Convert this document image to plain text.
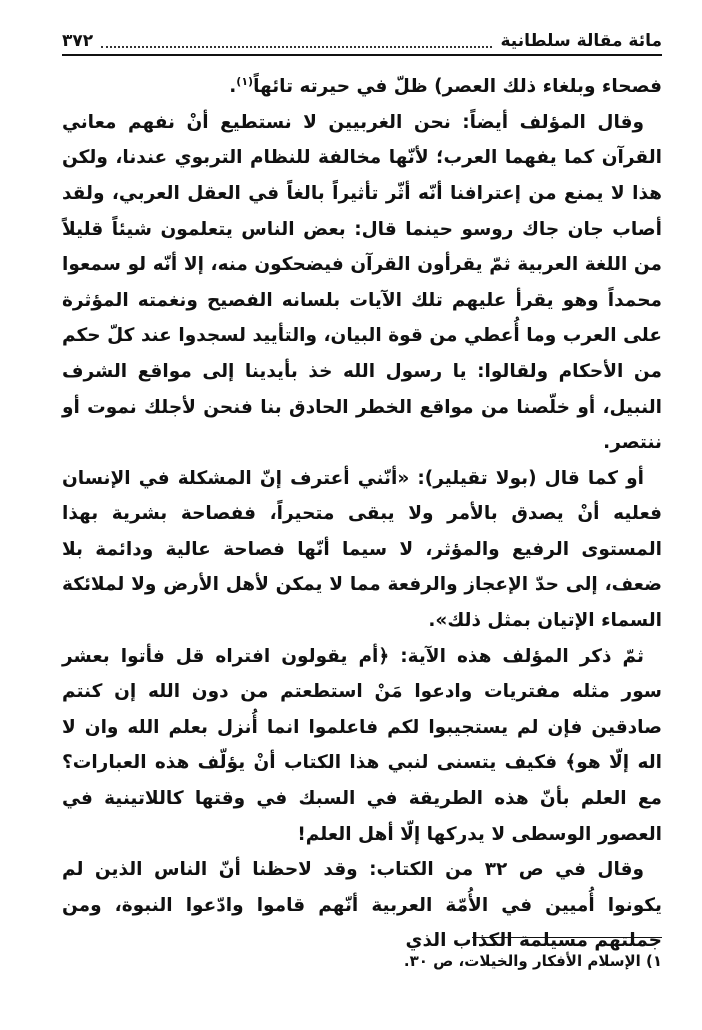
مائة مقالة سلطانية
٣٧٢

فصحاء وبلغاء ذلك العصر) ظلّ في حيرته تائهاً$^{(١)}$.

وقال المؤلف أيضاً: نحن الغربيين لا نستطيع أنْ نفهم معاني القرآن كما يفهما العرب؛ لأنّها مخالفة للنظام التربوي عندنا، ولكن هذا لا يمنع من إعترافنا أنّه أثّر تأثيراً بالغاً في العقل العربي، ولقد أصاب جان جاك روسو حينما قال: بعض الناس يتعلمون شيئاً قليلاً من اللغة العربية ثمّ يقرأون القرآن فيضحكون منه، إلا أنّه لو سمعوا محمداً وهو يقرأ عليهم تلك الآيات بلسانه الفصيح ونغمته المؤثرة على العرب وما أُعطي من قوة البيان، والتأييد لسجدوا عند كلّ حكم من الأحكام ولقالوا: يا رسول الله خذ بأيدينا إلى مواقع الشرف النبيل، أو خلّصنا من مواقع الخطر الحادق بنا فنحن لأجلك نموت أو ننتصر.

أو كما قال (بولا تقيلير): «أنّني أعترف إنّ المشكلة في الإنسان فعليه أنْ يصدق بالأمر ولا يبقى متحيراً، ففصاحة بشرية بهذا المستوى الرفيع والمؤثر، لا سيما أنّها فصاحة عالية ودائمة بلا ضعف، إلى حدّ الإعجاز والرفعة مما لا يمكن لأهل الأرض ولا لملائكة السماء الإتيان بمثل ذلك».

ثمّ ذكر المؤلف هذه الآية: ﴿أم يقولون افتراه قل فأتوا بعشر سور مثله مفتريات وادعوا مَنْ استطعتم من دون الله إن كنتم صادقين فإن لم يستجيبوا لكم فاعلموا انما أُنزل بعلم الله وان لا اله إلّا هو﴾ فكيف يتسنى لنبي هذا الكتاب أنْ يؤلّف هذه العبارات؟ مع العلم بأنّ هذه الطريقة في السبك في وقتها كاللاتينية في العصور الوسطى لا يدركها إلّا أهل العلم!

وقال في ص ٣٢ من الكتاب: وقد لاحظنا أنّ الناس الذين لم يكونوا أُميين في الأُمّة العربية أنّهم قاموا وادّعوا النبوة، ومن جملتهم مسيلمة الكذاب الذي

١) الإسلام الأفكار والخيلات، ص ٣٠.
